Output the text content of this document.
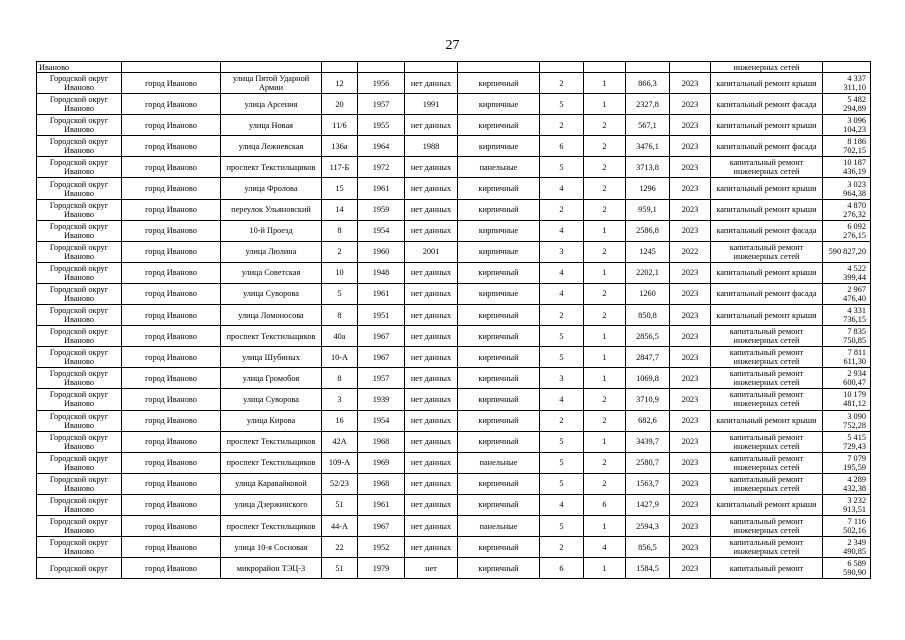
27
Иваново											инженерных сетей	
Городской округ Иваново	город Иваново	улица Пятой Ударной Армии	12	1956	нет данных	кирпичный	2	1	866,3	2023	капитальный ремонт крыши	4 337 311,10
Городской округ Иваново	город Иваново	улица Арсения	20	1957	1991	кирпичные	5	1	2327,8	2023	капитальный ремонт фасада	5 482 294,89
Городской округ Иваново	город Иваново	улица Новая	11/6	1955	нет данных	кирпичный	2	2	567,1	2023	капитальный ремонт крыши	3 096 104,23
Городской округ Иваново	город Иваново	улица Лежневская	136а	1964	1988	кирпичные	6	2	3476,1	2023	капитальный ремонт фасада	8 186 702,15
Городской округ Иваново	город Иваново	проспект Текстильщиков	117-Б	1972	нет данных	панельные	5	2	3713,8	2023	капитальный ремонт инженерных сетей	10 187 436,19
Городской округ Иваново	город Иваново	улица Фролова	15	1961	нет данных	кирпичный	4	2	1296	2023	капитальный ремонт крыши	3 023 964,38
Городской округ Иваново	город Иваново	переулок Ульяновский	14	1959	нет данных	кирпичный	2	2	959,1	2023	капитальный ремонт крыши	4 870 276,32
Городской округ Иваново	город Иваново	10-й Проезд	8	1954	нет данных	кирпичные	4	1	2586,8	2023	капитальный ремонт фасада	6 092 276,15
Городской округ Иваново	город Иваново	улица Люлина	2	1960	2001	кирпичные	3	2	1245	2022	капитальный ремонт инженерных сетей	590 827,20
Городской округ Иваново	город Иваново	улица Советская	10	1948	нет данных	кирпичный	4	1	2202,1	2023	капитальный ремонт крыши	4 522 399,44
Городской округ Иваново	город Иваново	улица Суворова	5	1961	нет данных	кирпичные	4	2	1260	2023	капитальный ремонт фасада	2 967 476,40
Городской округ Иваново	город Иваново	улица Ломоносова	8	1951	нет данных	кирпичный	2	2	850,8	2023	капитальный ремонт крыши	4 331 736,15
Городской округ Иваново	город Иваново	проспект Текстильщиков	40а	1967	нет данных	кирпичный	5	1	2856,5	2023	капитальный ремонт инженерных сетей	7 835 750,85
Городской округ Иваново	город Иваново	улица Шубиных	10-А	1967	нет данных	кирпичный	5	1	2847,7	2023	капитальный ремонт инженерных сетей	7 811 611,30
Городской округ Иваново	город Иваново	улица Громобоя	8	1957	нет данных	кирпичный	3	1	1069,8	2023	капитальный ремонт инженерных сетей	2 934 600,47
Городской округ Иваново	город Иваново	улица Суворова	3	1939	нет данных	кирпичный	4	2	3710,9	2023	капитальный ремонт инженерных сетей	10 179 481,12
Городской округ Иваново	город Иваново	улица Кирова	16	1954	нет данных	кирпичный	2	2	682,6	2023	капитальный ремонт крыши	3 090 752,28
Городской округ Иваново	город Иваново	проспект Текстильщиков	42А	1968	нет данных	кирпичный	5	1	3439,7	2023	капитальный ремонт инженерных сетей	5 415 729,43
Городской округ Иваново	город Иваново	проспект Текстильщиков	109-А	1969	нет данных	панельные	5	2	2580,7	2023	капитальный ремонт инженерных сетей	7 079 195,59
Городской округ Иваново	город Иваново	улица Каравайковой	52/23	1968	нет данных	кирпичный	5	2	1563,7	2023	капитальный ремонт инженерных сетей	4 289 432,38
Городской округ Иваново	город Иваново	улица Дзержинского	51	1961	нет данных	кирпичный	4	6	1427,9	2023	капитальный ремонт крыши	3 232 913,51
Городской округ Иваново	город Иваново	проспект Текстильщиков	44-А	1967	нет данных	панельные	5	1	2594,3	2023	капитальный ремонт инженерных сетей	7 116 502,16
Городской округ Иваново	город Иваново	улица 10-я Сосновая	22	1952	нет данных	кирпичный	2	4	856,5	2023	капитальный ремонт инженерных сетей	2 349 490,85
Городской округ	город Иваново	микрорайон ТЭЦ-3	51	1979	нет	кирпичный	6	1	1584,5	2023	капитальный ремонт	6 589 590,90
